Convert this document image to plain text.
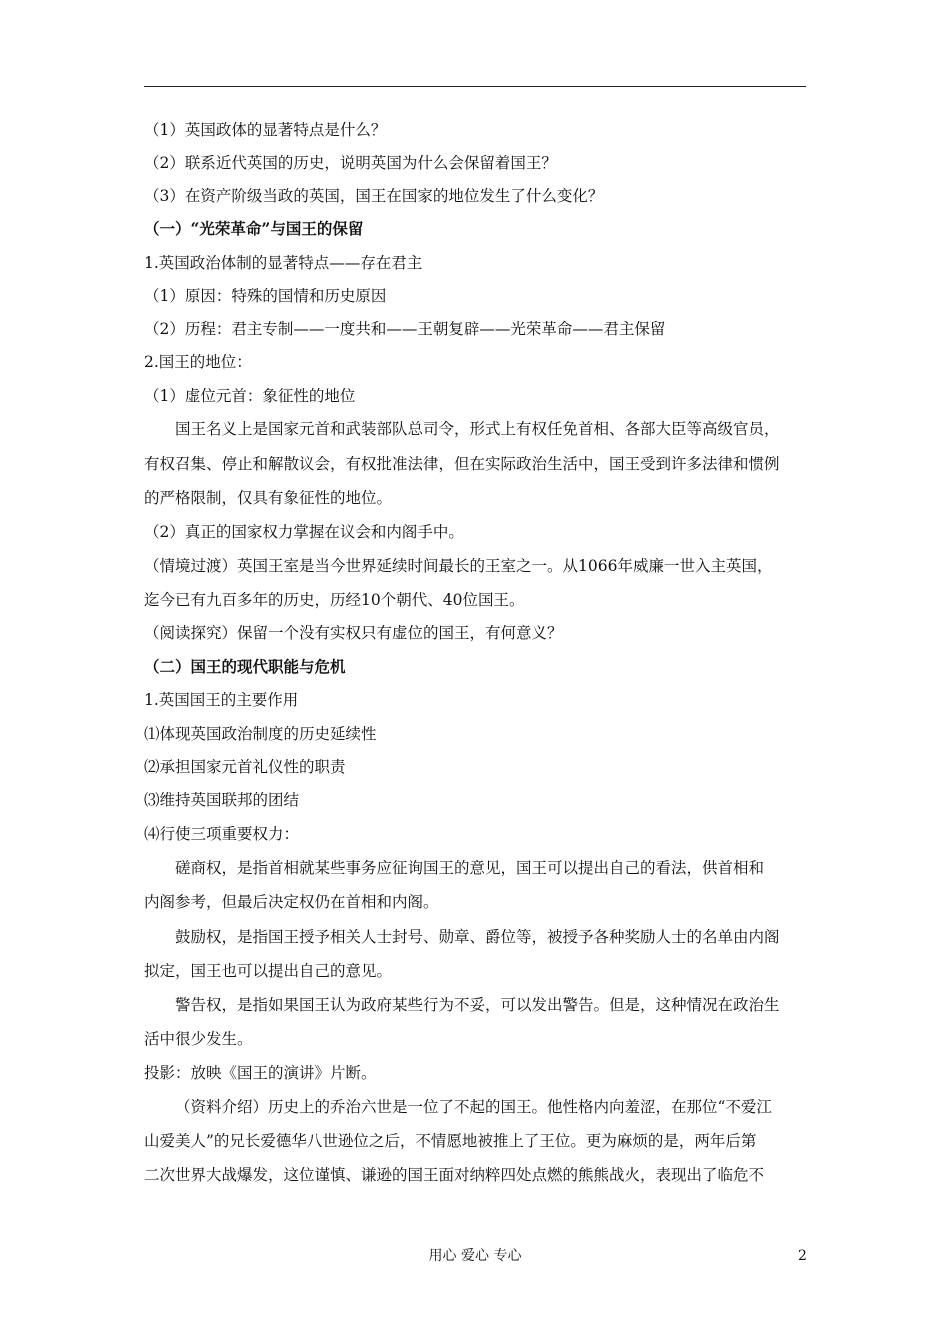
（1）英国政体的显著特点是什么？

（2）联系近代英国的历史，说明英国为什么会保留着国王？

（3）在资产阶级当政的英国，国王在国家的地位发生了什么变化？

（一）“光荣革命”与国王的保留

1.英国政治体制的显著特点——存在君主

（1）原因：特殊的国情和历史原因

（2）历程：君主专制——一度共和——王朝复辟——光荣革命——君主保留

2.国王的地位：

（1）虚位元首：象征性的地位

国王名义上是国家元首和武装部队总司令，形式上有权任免首相、各部大臣等高级官员，

有权召集、停止和解散议会，有权批准法律，但在实际政治生活中，国王受到许多法律和惯例

的严格限制，仅具有象征性的地位。

（2）真正的国家权力掌握在议会和内阁手中。

（情境过渡）英国王室是当今世界延续时间最长的王室之一。从1066年威廉一世入主英国，

迄今已有九百多年的历史，历经10个朝代、40位国王。

（阅读探究）保留一个没有实权只有虚位的国王，有何意义？

（二）国王的现代职能与危机

1.英国国王的主要作用

⑴体现英国政治制度的历史延续性

⑵承担国家元首礼仪性的职责

⑶维持英国联邦的团结

⑷行使三项重要权力：

磋商权，是指首相就某些事务应征询国王的意见，国王可以提出自己的看法，供首相和

内阁参考，但最后决定权仍在首相和内阁。

鼓励权，是指国王授予相关人士封号、勋章、爵位等，被授予各种奖励人士的名单由内阁

拟定，国王也可以提出自己的意见。

警告权，是指如果国王认为政府某些行为不妥，可以发出警告。但是，这种情况在政治生

活中很少发生。

投影：放映《国王的演讲》片断。

（资料介绍）历史上的乔治六世是一位了不起的国王。他性格内向羞涩，在那位“不爱江

山爱美人”的兄长爱德华八世逊位之后，不情愿地被推上了王位。更为麻烦的是，两年后第

二次世界大战爆发，这位谨慎、谦逊的国王面对纳粹四处点燃的熊熊战火，表现出了临危不

用心 爱心 专心	2
